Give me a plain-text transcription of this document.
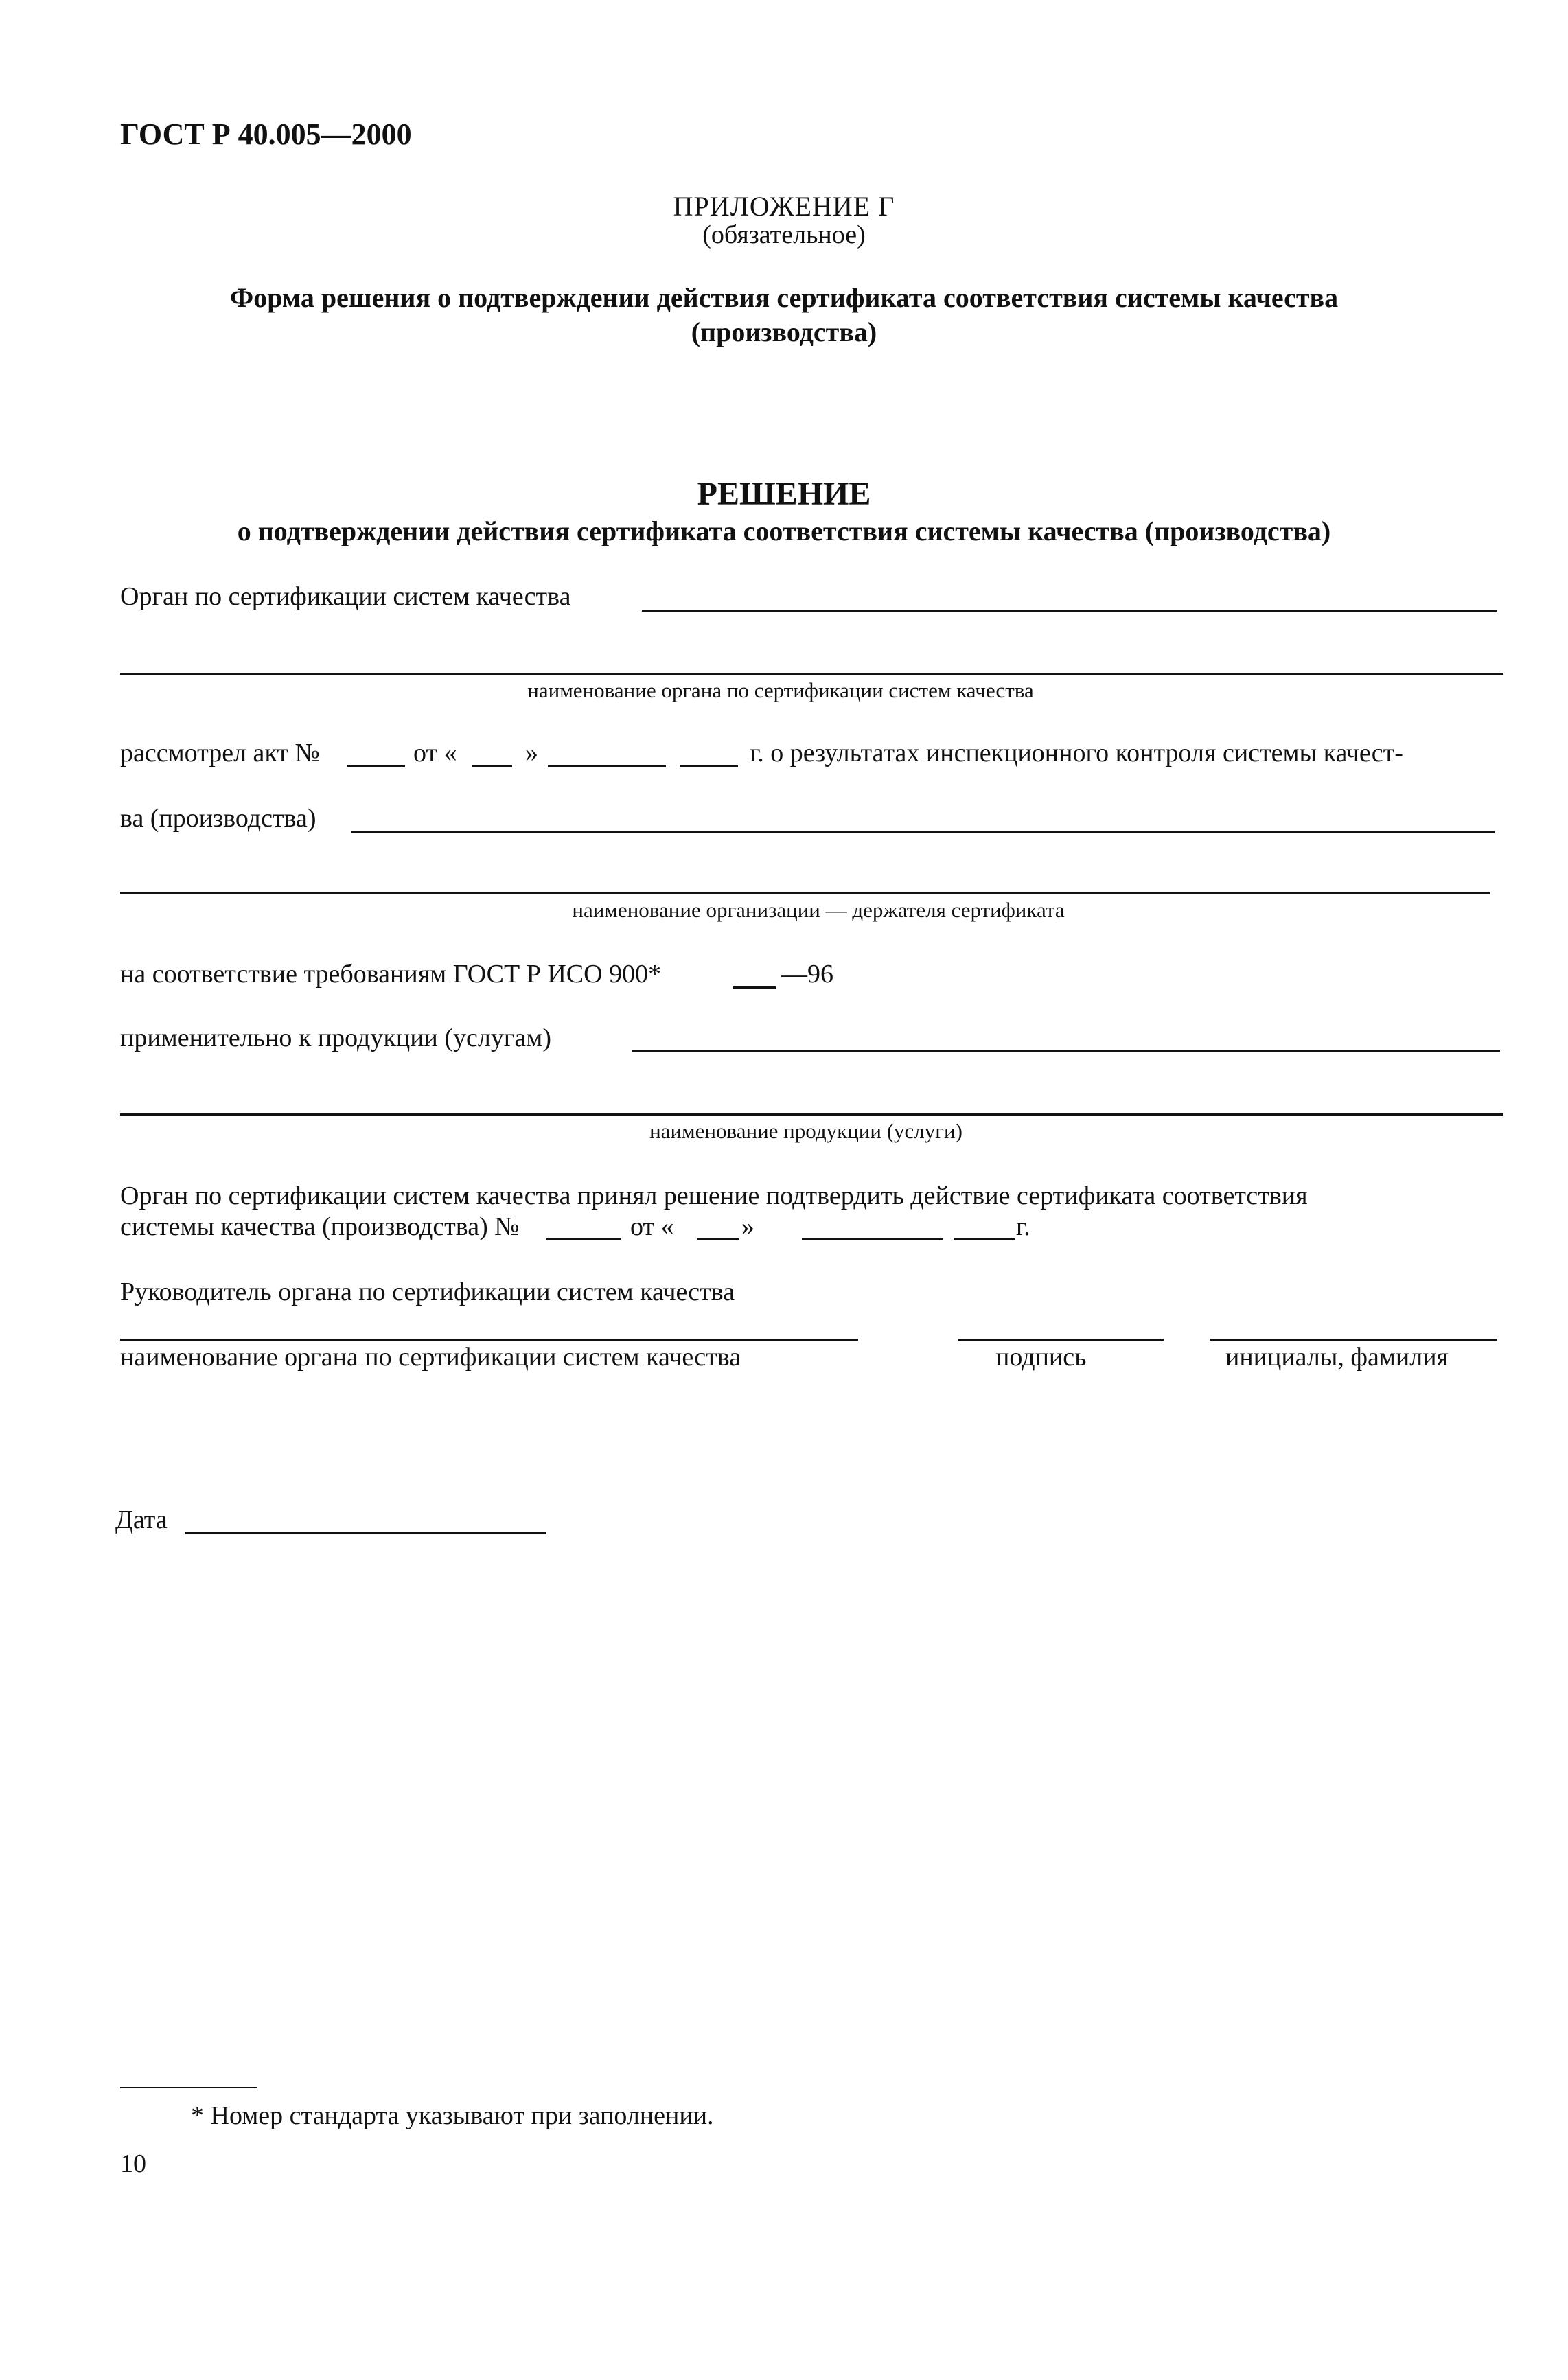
ГОСТ Р 40.005—2000
ПРИЛОЖЕНИЕ Г
(обязательное)
Форма решения о подтверждении действия сертификата соответствия системы качества
(производства)
РЕШЕНИЕ
о подтверждении действия сертификата соответствия системы качества (производства)
Орган по сертификации систем качества
наименование органа по сертификации систем качества
рассмотрел акт №	от «	»	г. о результатах инспекционного контроля системы качест-
ва (производства)
наименование организации — держателя сертификата
на соответствие требованиям ГОСТ Р ИСО 900*	—96
применительно к продукции (услугам)
наименование продукции (услуги)
Орган по сертификации систем качества принял решение подтвердить действие сертификата соответствия
системы качества (производства) №	от «	»	г.
Руководитель органа по сертификации систем качества
наименование органа по сертификации систем качества	подпись	инициалы, фамилия
Дата
* Номер стандарта указывают при заполнении.
10
